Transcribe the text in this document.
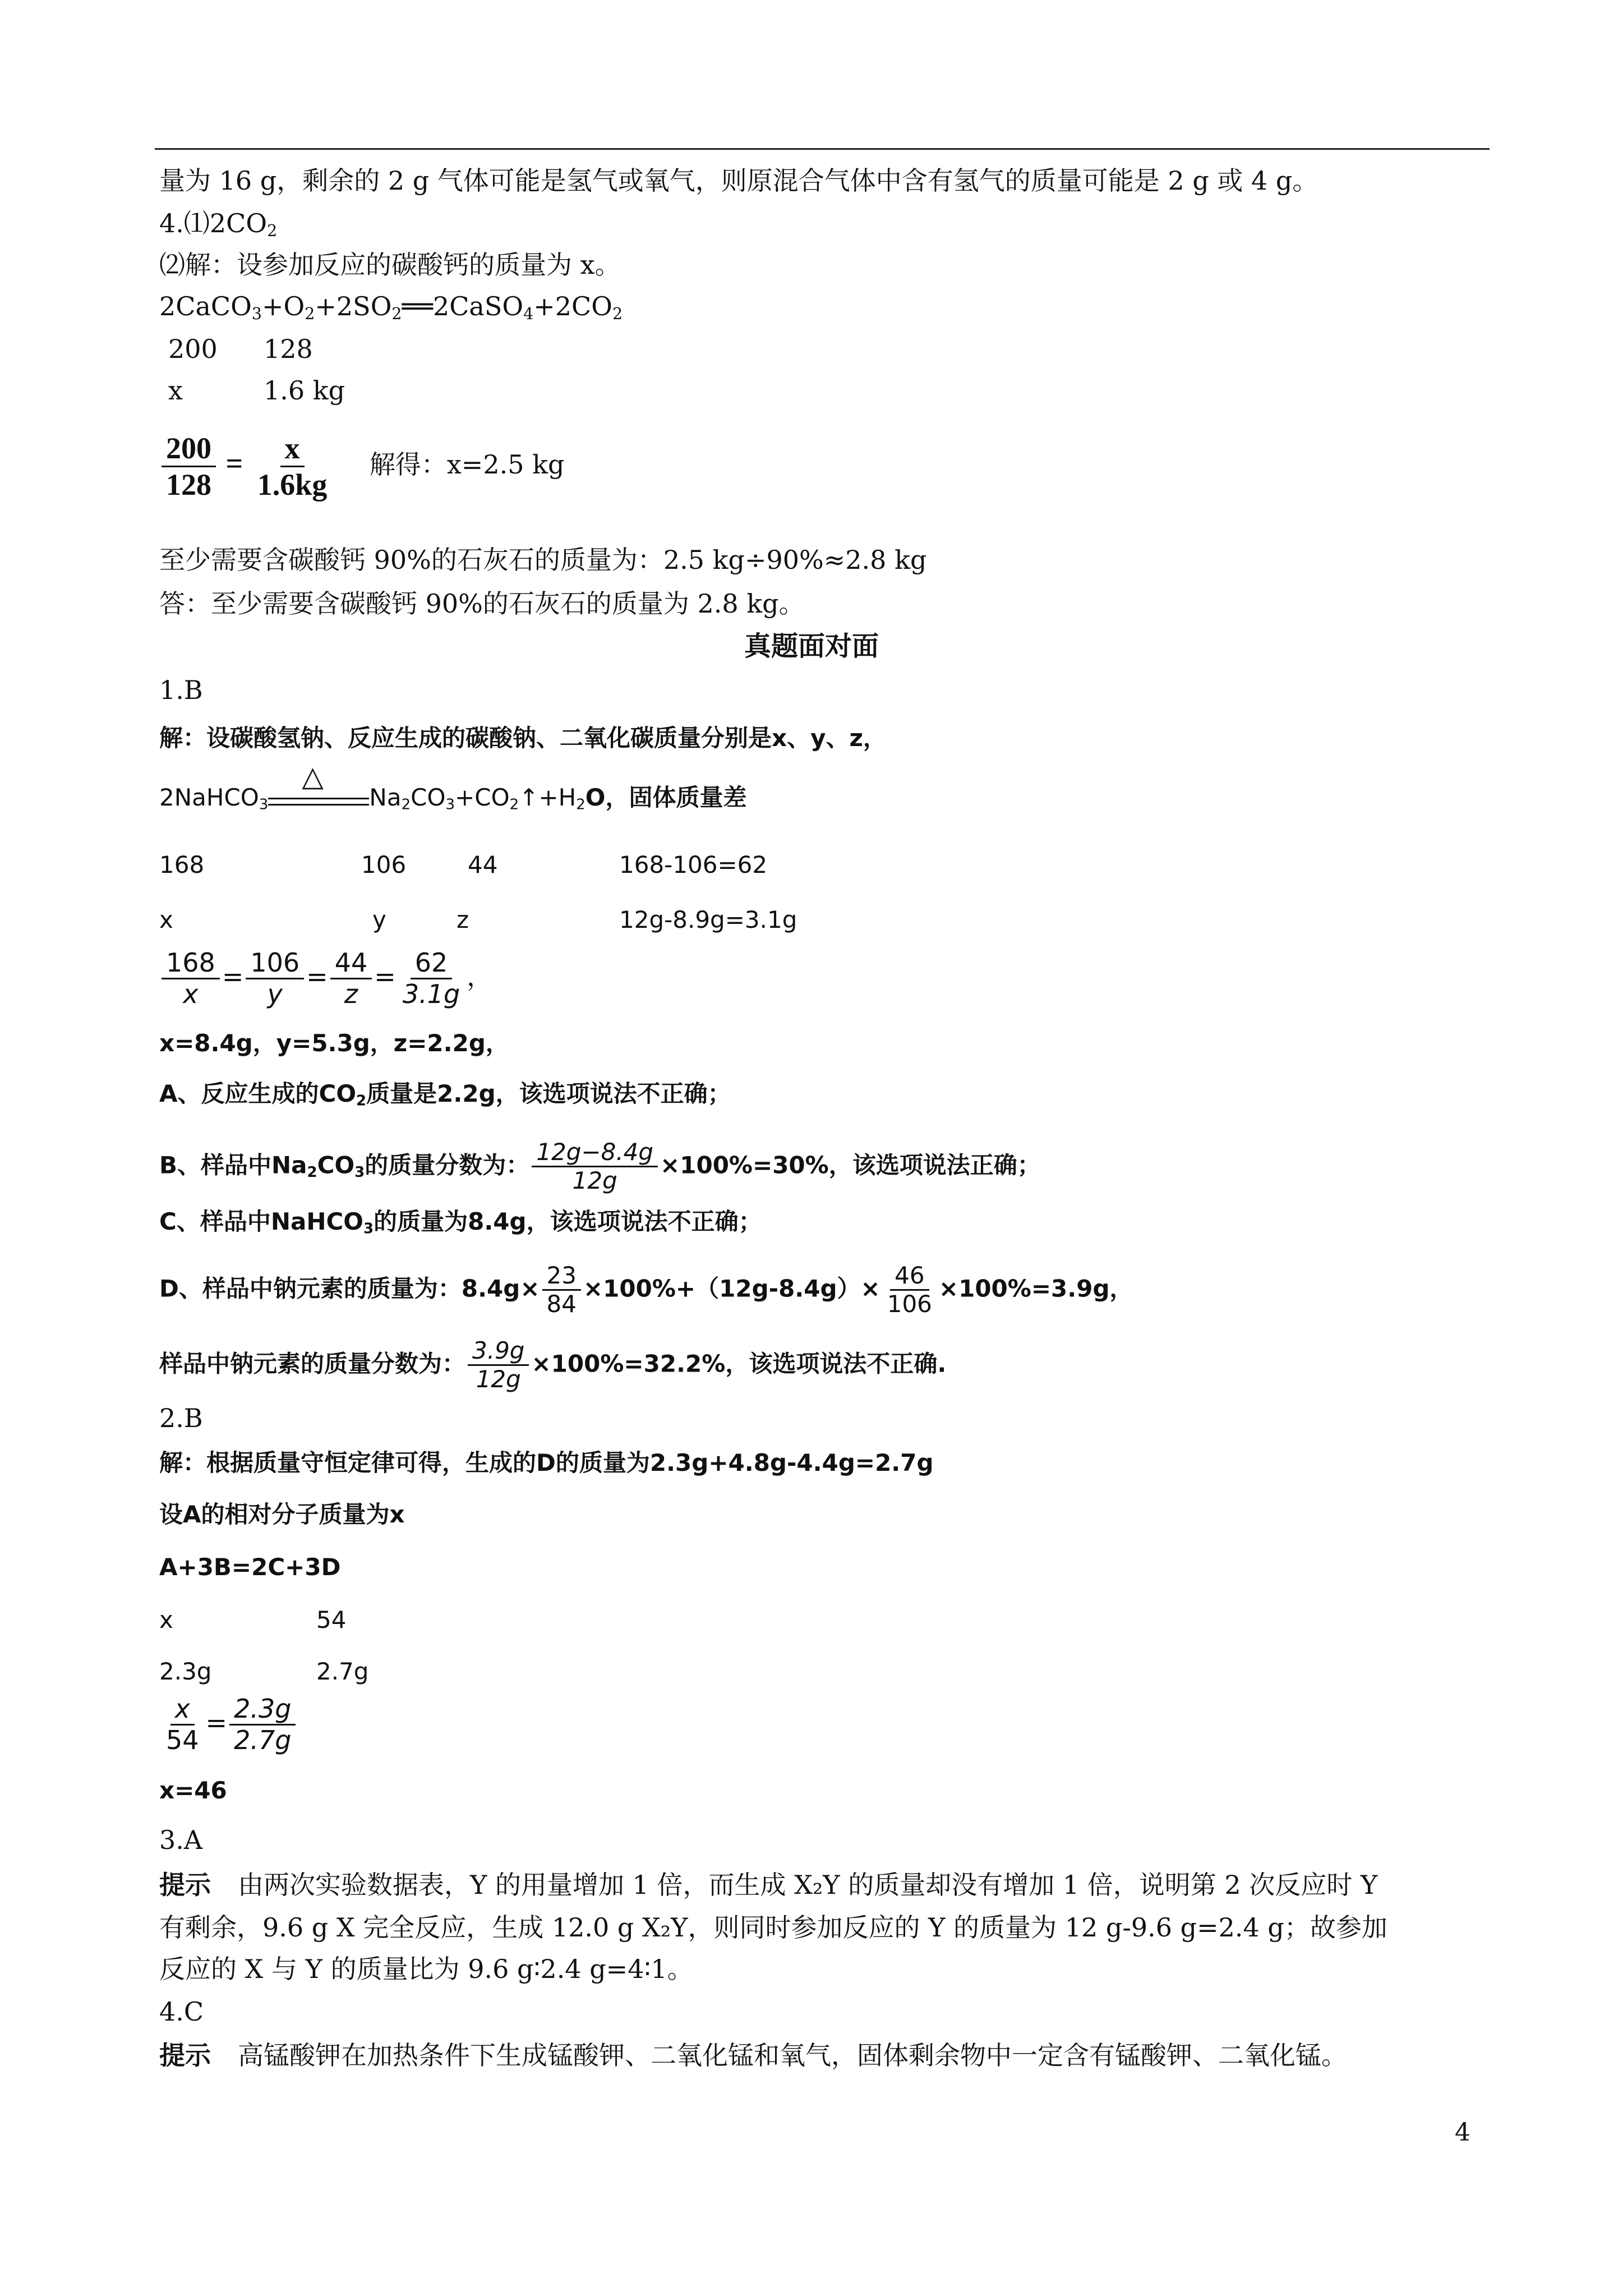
量为 16 g，剩余的 2 g 气体可能是氢气或氧气，则原混合气体中含有氢气的质量可能是 2 g 或 4 g。
$4.⑴2CO_2$
⑵解：设参加反应的碳酸钙的质量为 x。
$2CaCO_3+O_2+2SO_2══2CaSO_4+2CO_2$
200 128
x	1.6 kg
$\frac{200}{128} = \frac{x}{1.6kg}$ 解得：x=2.5 kg
至少需要含碳酸钙 90%的石灰石的质量为：2.5 kg÷90%≈2.8 kg
答：至少需要含碳酸钙 90%的石灰石的质量为 2.8 kg。
真题面对面
1.B
解：设碳酸氢钠、反应生成的碳酸钠、二氧化碳质量分别是x、y、z，
2NaHCO$_3$
△
$Na_2CO_3+CO_2↑+H_2O$，固体质量差
168	106	44	168-106=62
x	y	z	12g-8.9g=3.1g
$\frac{168}{x} = \frac{106}{y} = \frac{44}{z} = \frac{62}{3.1g}$ ，
x=8.4g，y=5.3g，z=2.2g，
A、反应生成的$CO_2$质量是2.2g，该选项说法不正确；
B、样品中$Na_2CO_3$的质量分数为： $\frac{12g-8.4g}{12g} \times 100\%=30\%$，该选项说法正确；
C、样品中NaHCO$_3$的质量为8.4g，该选项说法不正确；
D、样品中钠元素的质量为：$8.4g\times \frac{23}{84} \times 100\%+(12g-8.4g)\times \frac{46}{106} \times 100\%=3.9g$，
样品中钠元素的质量分数为： $\frac{3.9g}{12g} \times 100\%=32.2\%$，该选项说法不正确.
2.B
解：根据质量守恒定律可得，生成的D的质量为2.3g+4.8g-4.4g=2.7g
设A的相对分子质量为x
A+3B=2C+3D
x	54
2.3g	2.7g
$\frac{x}{54} = \frac{2.3g}{2.7g}$
x=46
3.A
提示 由两次实验数据表，Y 的用量增加 1 倍，而生成 X₂Y 的质量却没有增加 1 倍，说明第 2 次反应时 Y
有剩余，9.6 g X 完全反应，生成 12.0 g X₂Y，则同时参加反应的 Y 的质量为 12 g-9.6 g=2.4 g；故参加
反应的 X 与 Y 的质量比为 9.6 g∶2.4 g=4∶1。
4.C
提示 高锰酸钾在加热条件下生成锰酸钾、二氧化锰和氧气，固体剩余物中一定含有锰酸钾、二氧化锰。
4
